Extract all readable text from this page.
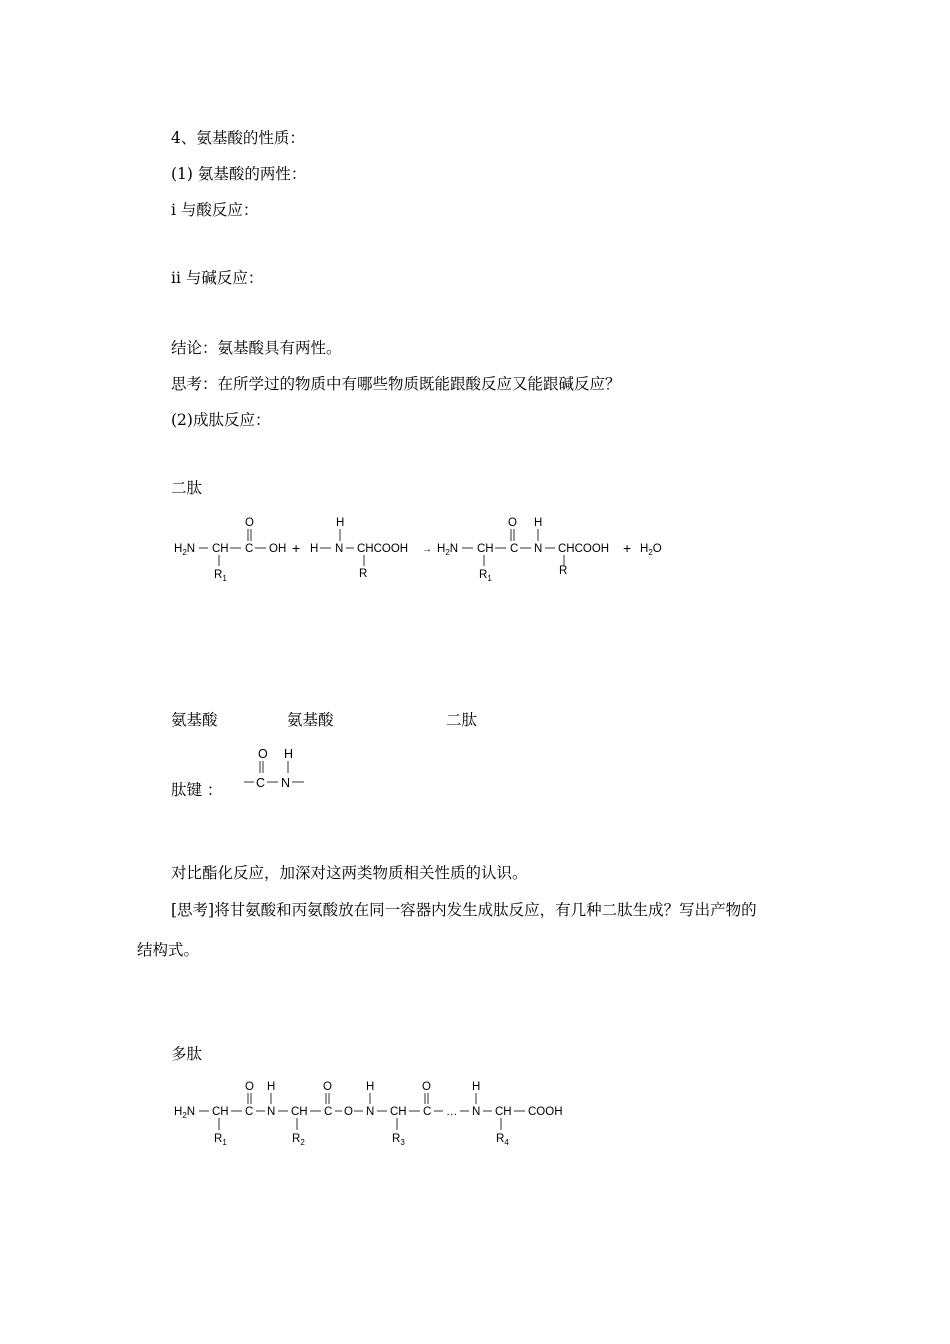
4、氨基酸的性质：
(1) 氨基酸的两性：
ⅰ 与酸反应：
ⅱ 与碱反应：
结论：氨基酸具有两性。
思考：在所学过的物质中有哪些物质既能跟酸反应又能跟碱反应？
(2)成肽反应：
二肽
$H_2N$ CH
$R_1$
C
O
OH + H N
H
CHCOOH
R
→ $H_2N$ CH
$R_1$
C
O
N
H
CHCOOH
R
+ $H_2O$
氨基酸	氨基酸	二肽
肽键 ：
O H
C N
对比酯化反应，加深对这两类物质相关性质的认识。
[思考]将甘氨酸和丙氨酸放在同一容器内发生成肽反应，有几种二肽生成？写出产物的
结构式。
多肽
$H_2N$ CH
$R_1$
C
O
N
H
CH
$R_2$
C
O
O N
H
CH
$R_3$
C
O
… N
H
CH
$R_4$
COOH
